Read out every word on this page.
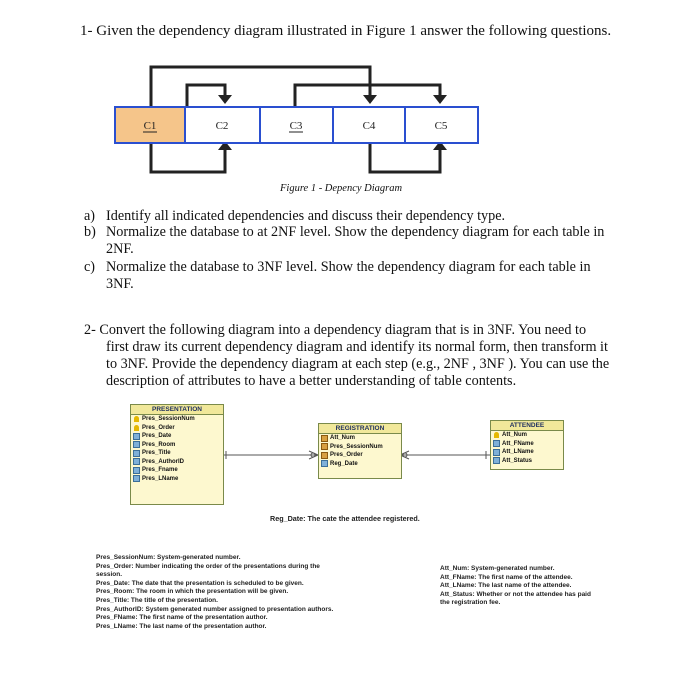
1- Given the dependency diagram illustrated in Figure 1 answer the following questions.
C1	C2	C3	C4	C5
Figure 1 - Depency Diagram
a) Identify all indicated dependencies and discuss their dependency type.
b) Normalize the database to at 2NF level. Show the dependency diagram for each table in
2NF.
c) Normalize the database to 3NF level. Show the dependency diagram for each table in
3NF.
2- Convert the following diagram into a dependency diagram that is in 3NF. You need to
first draw its current dependency diagram and identify its normal form, then transform it
to 3NF. Provide the dependency diagram at each step (e.g., 2NF , 3NF ). You can use the
description of attributes to have a better understanding of table contents.
PRESENTATION
Pres_SessionNum
Pres_Order
Pres_Date
Pres_Room
Pres_Title
Pres_AuthorID
Pres_Fname
Pres_LName
REGISTRATION
Att_Num
Pres_SessionNum
Pres_Order
Reg_Date
ATTENDEE
Att_Num
Att_FName
Att_LName
Att_Status
Reg_Date: The cate the attendee registered.
Pres_SessionNum: System-generated number.
Pres_Order: Number indicating the order of the presentations during the
session.
Pres_Date: The date that the presentation is scheduled to be given.
Pres_Room: The room in which the presentation will be given.
Pres_Title: The title of the presentation.
Pres_AuthorID: System generated number assigned to presentation authors.
Pres_FName: The first name of the presentation author.
Pres_LName: The last name of the presentation author.
Att_Num: System-generated number.
Att_FName: The first name of the attendee.
Att_LName: The last name of the attendee.
Att_Status: Whether or not the attendee has paid
the registration fee.
